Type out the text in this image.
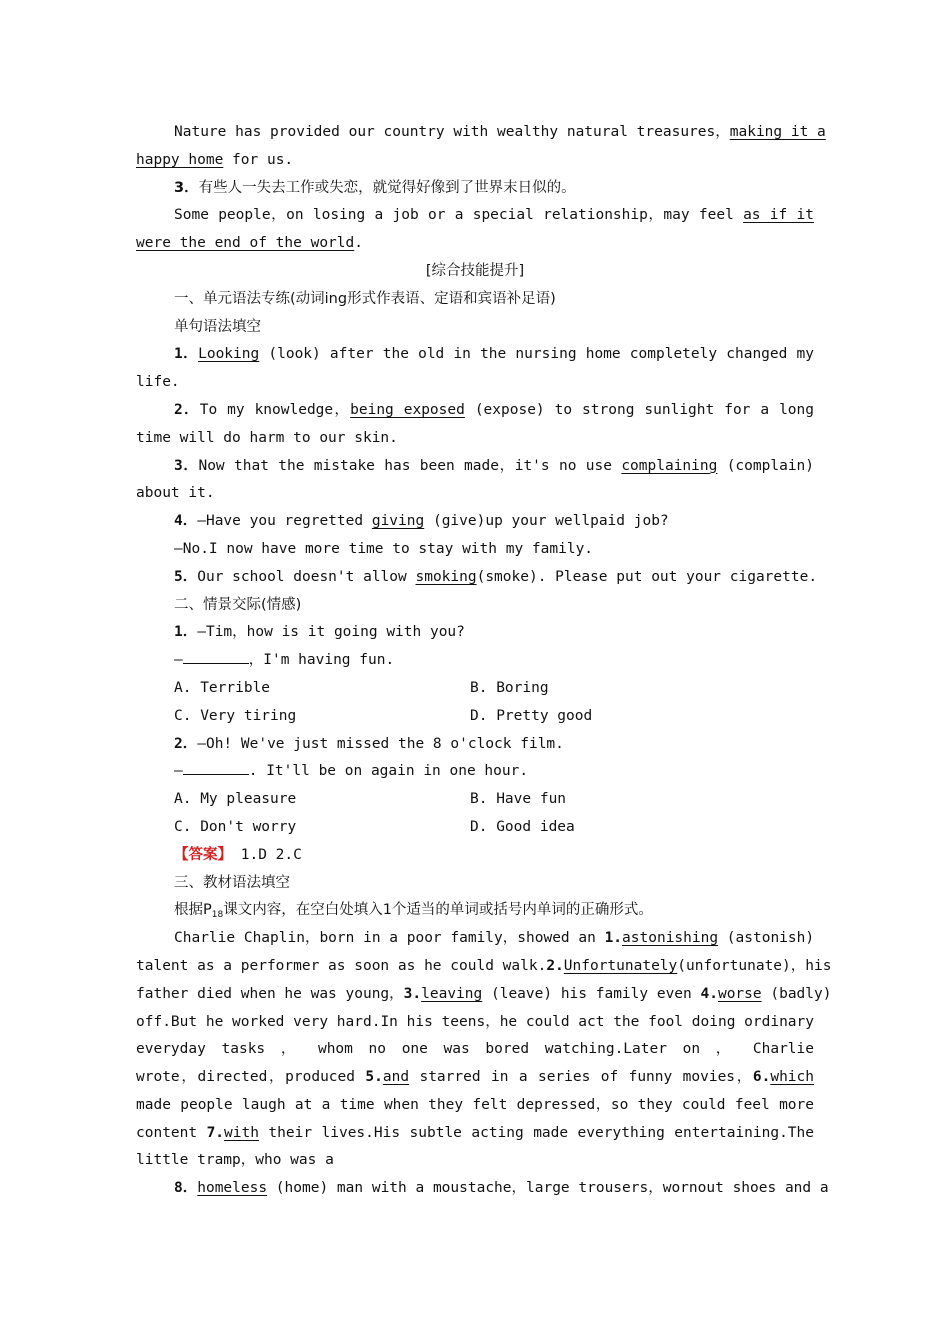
Nature has provided our country with wealthy natural treasures，making it a
happy home for us.
3．有些人一失去工作或失恋，就觉得好像到了世界末日似的。
Some people，on losing a job or a special relationship，may feel as if it
were the end of the world.
[综合技能提升]
一、单元语法专练(动词ing形式作表语、定语和宾语补足语)
单句语法填空
1．Looking (look) after the old in the nursing home completely changed my
life.
2．To my knowledge，being exposed (expose) to strong sunlight for a long
time will do harm to our skin.
3．Now that the mistake has been made，it's no use complaining (complain)
about it.
4．—Have you regretted giving (give)up your wellpaid job?
—No.I now have more time to stay with my family.
5．Our school doesn't allow smoking(smoke). Please put out your cigarette.
二、情景交际(情感)
1．—Tim，how is it going with you?
—	，I'm having fun.
A. Terrible	B. Boring
C. Very tiring	D. Pretty good
2．—Oh! We've just missed the 8 o'clock film.
—	. It'll be on again in one hour.
A. My pleasure	B. Have fun
C. Don't worry	D. Good idea
【答案】 1.D 2.C
三、教材语法填空
根据$P_{18}$课文内容，在空白处填入1个适当的单词或括号内单词的正确形式。
Charlie Chaplin，born in a poor family，showed an 1.astonishing (astonish)
talent as a performer as soon as he could walk.2.Unfortunately(unfortunate)，his
father died when he was young，3.leaving (leave) his family even 4.worse (badly)
off.But he worked very hard.In his teens，he could act the fool doing ordinary
everyday tasks ， whom no one was bored watching.Later on ， Charlie
wrote，directed，produced 5.and starred in a series of funny movies，6.which
made people laugh at a time when they felt depressed，so they could feel more
content 7.with their lives.His subtle acting made everything entertaining.The
little tramp，who was a
8．homeless (home) man with a moustache，large trousers，wornout shoes and a
